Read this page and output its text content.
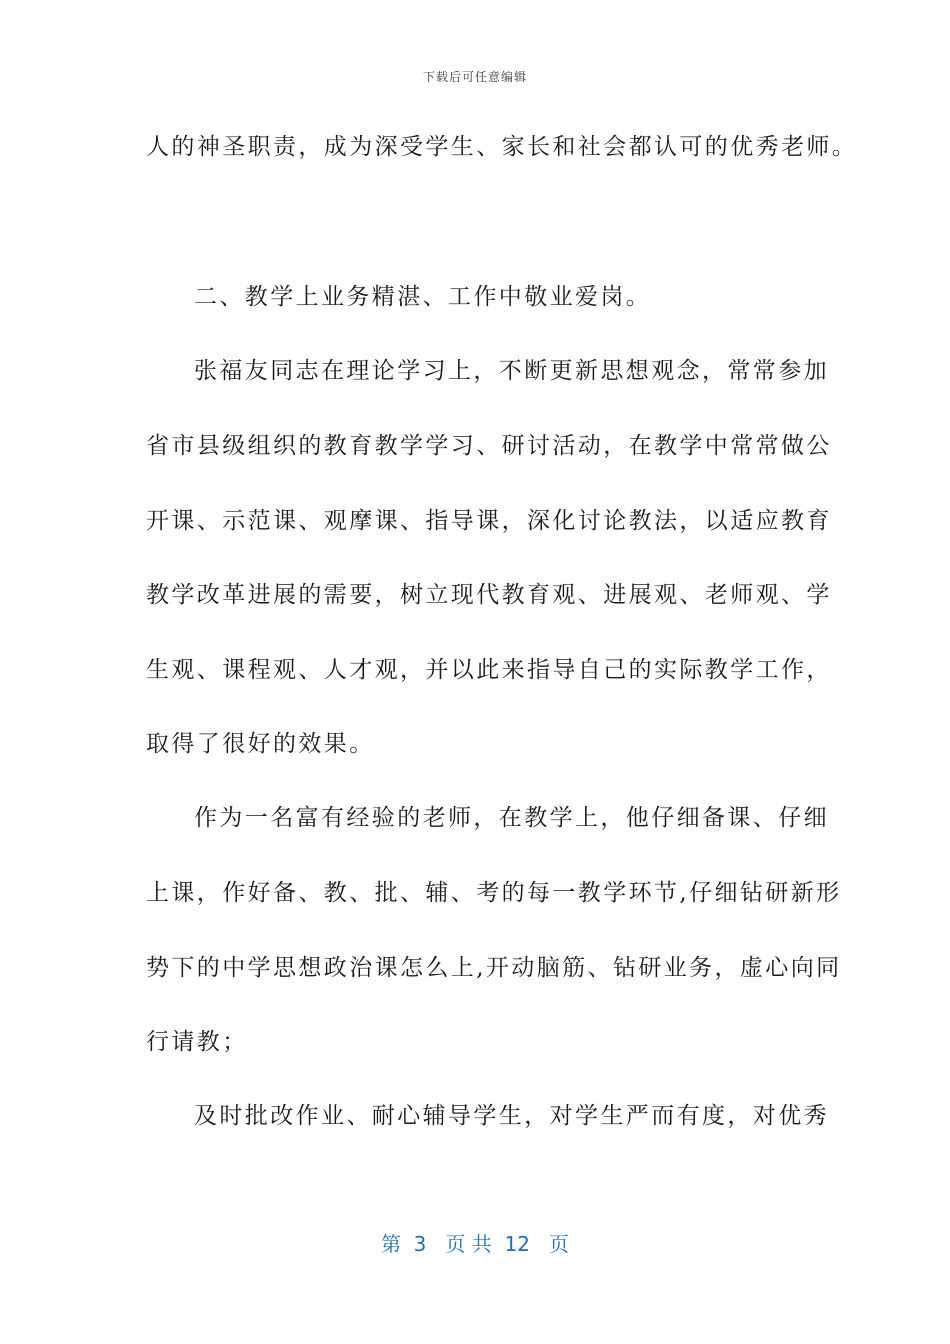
下载后可任意编辑
人的神圣职责，成为深受学生、家长和社会都认可的优秀老师。
二、教学上业务精湛、工作中敬业爱岗。
张福友同志在理论学习上，不断更新思想观念，常常参加
省市县级组织的教育教学学习、研讨活动，在教学中常常做公
开课、示范课、观摩课、指导课，深化讨论教法，以适应教育
教学改革进展的需要，树立现代教育观、进展观、老师观、学
生观、课程观、人才观，并以此来指导自己的实际教学工作，
取得了很好的效果。
作为一名富有经验的老师，在教学上，他仔细备课、仔细
上课，作好备、教、批、辅、考的每一教学环节,仔细钻研新形
势下的中学思想政治课怎么上,开动脑筋、钻研业务，虚心向同
行请教；
及时批改作业、耐心辅导学生，对学生严而有度，对优秀
第  3   页 共  12   页
